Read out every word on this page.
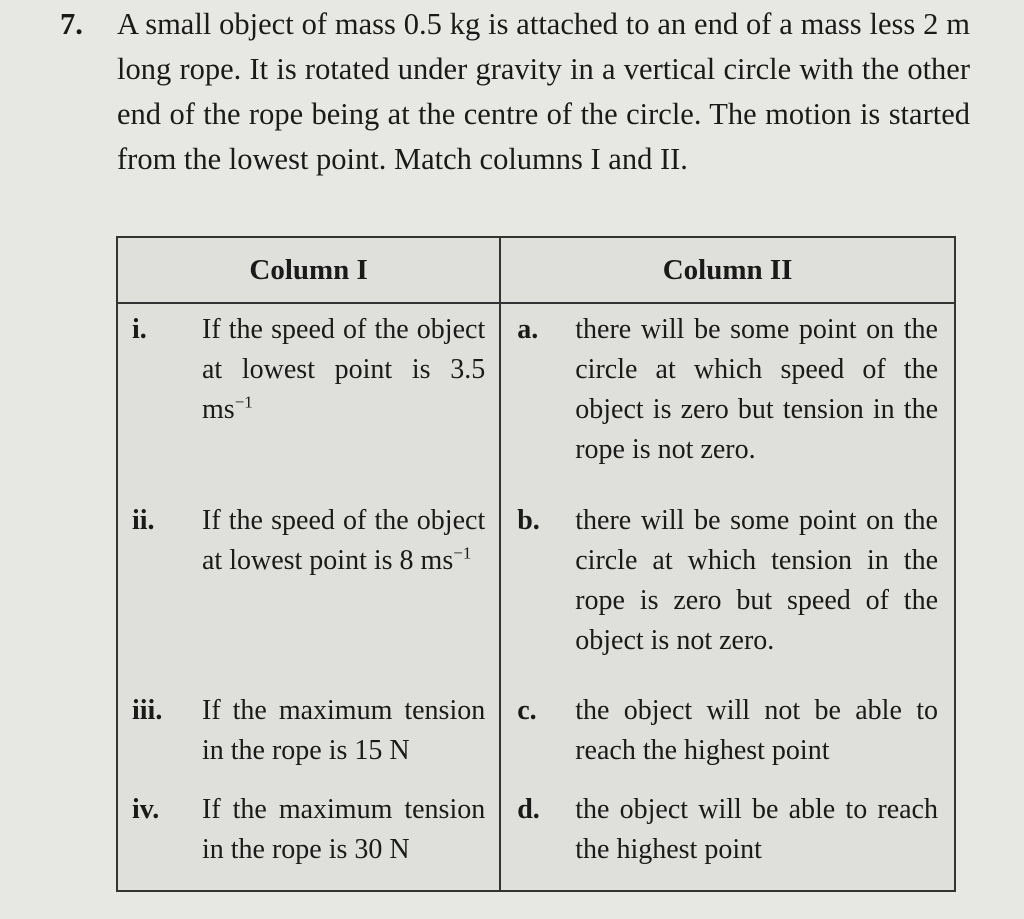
7. A small object of mass 0.5 kg is attached to an end of a mass less 2 m long rope. It is rotated under gravity in a vertical circle with the other end of the rope being at the centre of the circle. The motion is started from the lowest point. Match columns I and II.
Column I	Column II

i. If the speed of the object at lowest point is 3.5 $ms^{-1}$	a. there will be some point on the circle at which speed of the object is zero but tension in the rope is not zero.

ii. If the speed of the object at lowest point is 8 $ms^{-1}$	b. there will be some point on the circle at which tension in the rope is zero but speed of the object is not zero.

iii. If the maximum tension in the rope is 15 N	c. the object will not be able to reach the highest point

iv. If the maximum tension in the rope is 30 N	d. the object will be able to reach the highest point
